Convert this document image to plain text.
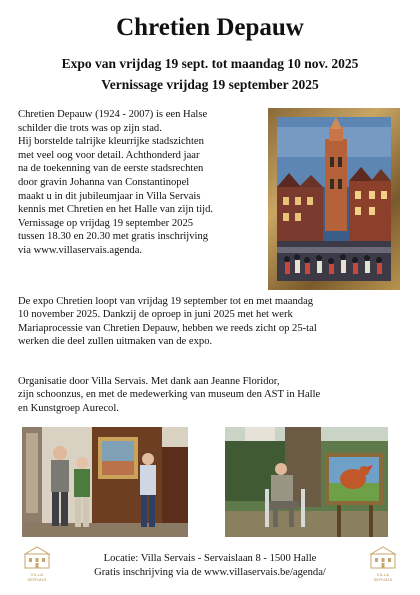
Chretien Depauw
Expo van vrijdag 19 sept. tot maandag 10 nov. 2025
Vernissage vrijdag 19 september 2025
Chretien Depauw (1924 - 2007) is een Halse
schilder die trots was op zijn stad.
Hij borstelde talrijke kleurrijke stadszichten
met veel oog voor detail. Achthonderd jaar
na de toekenning van de eerste stadsrechten
door gravin Johanna van Constantinopel
maakt u in dit jubileumjaar in Villa Servais
kennis met Chretien en het Halle van zijn tijd.
Vernissage op vrijdag 19 september 2025
tussen 18.30 en 20.30 met gratis inschrijving
via www.villaservais.agenda.
De expo Chretien loopt van vrijdag 19 september tot en met maandag
10 november 2025. Dankzij de oproep in juni 2025 met het werk
Mariaprocessie van Chretien Depauw, hebben we reeds zicht op 25-tal
werken die deel zullen uitmaken van de expo.
Organisatie door Villa Servais. Met dank aan Jeanne Floridor,
zijn schoonzus, en met de medewerking van museum den AST in Halle
en Kunstgroep Aurecol.
VILLA SERVAIS
VILLA SERVAIS
Locatie: Villa Servais - Servaislaan 8 - 1500 Halle
Gratis inschrijving via de www.villaservais.be/agenda/
